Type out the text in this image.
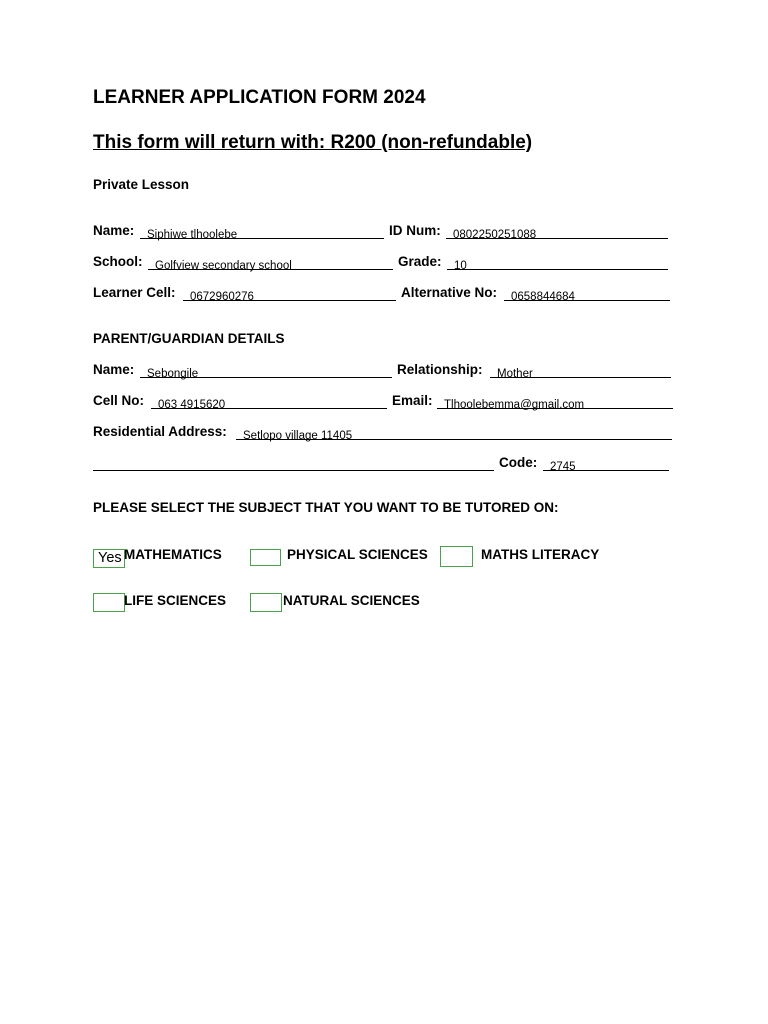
LEARNER APPLICATION FORM 2024
This form will return with: R200 (non-refundable)
Private Lesson
Name: Siphiwe tlhoolebe	ID Num: 0802250251088
School: Golfview secondary school	Grade: 10
Learner Cell: 0672960276	Alternative No: 0658844684
PARENT/GUARDIAN DETAILS
Name: Sebongile	Relationship: Mother
Cell No: 063 4915620	Email: Tlhoolebemma@gmail.com
Residential Address: Setlopo village 11405
Code: 2745
PLEASE SELECT THE SUBJECT THAT YOU WANT TO BE TUTORED ON:
Yes MATHEMATICS	PHYSICAL SCIENCES	MATHS LITERACY
LIFE SCIENCES	NATURAL SCIENCES
